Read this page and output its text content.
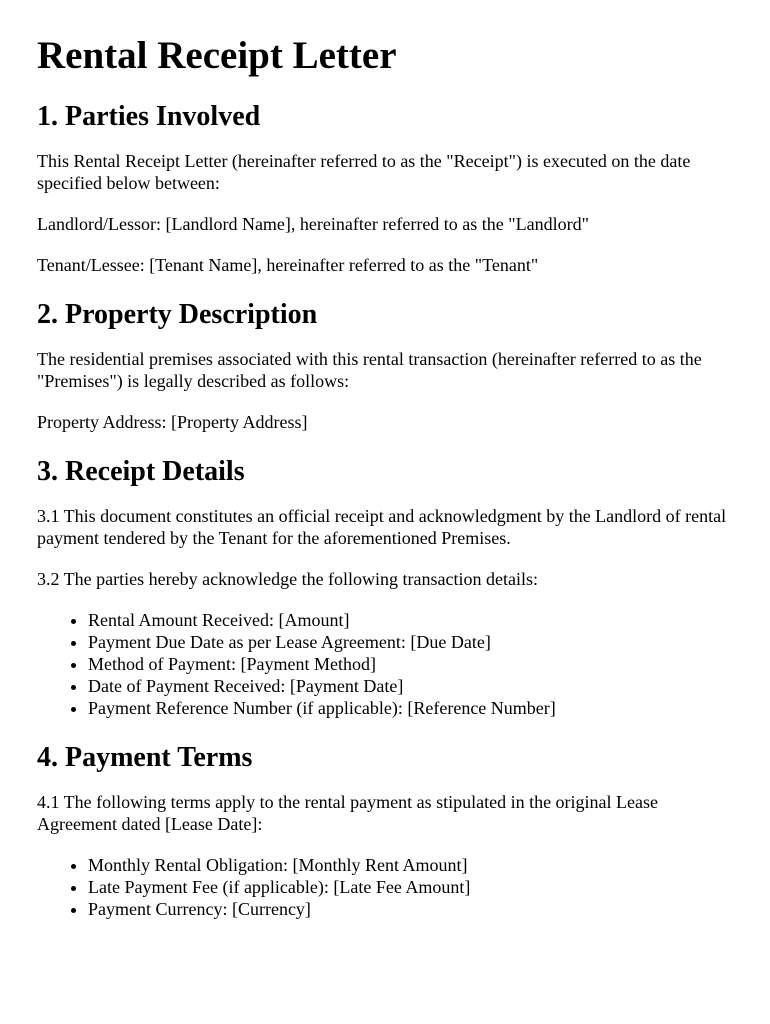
Rental Receipt Letter
1. Parties Involved

This Rental Receipt Letter (hereinafter referred to as the "Receipt") is executed on the date specified below between:

Landlord/Lessor: [Landlord Name], hereinafter referred to as the "Landlord"

Tenant/Lessee: [Tenant Name], hereinafter referred to as the "Tenant"

2. Property Description

The residential premises associated with this rental transaction (hereinafter referred to as the "Premises") is legally described as follows:

Property Address: [Property Address]

3. Receipt Details

3.1 This document constitutes an official receipt and acknowledgment by the Landlord of rental payment tendered by the Tenant for the aforementioned Premises.

3.2 The parties hereby acknowledge the following transaction details:

• Rental Amount Received: [Amount]
• Payment Due Date as per Lease Agreement: [Due Date]
• Method of Payment: [Payment Method]
• Date of Payment Received: [Payment Date]
• Payment Reference Number (if applicable): [Reference Number]
4. Payment Terms

4.1 The following terms apply to the rental payment as stipulated in the original Lease Agreement dated [Lease Date]:

• Monthly Rental Obligation: [Monthly Rent Amount]
• Late Payment Fee (if applicable): [Late Fee Amount]
• Payment Currency: [Currency]
